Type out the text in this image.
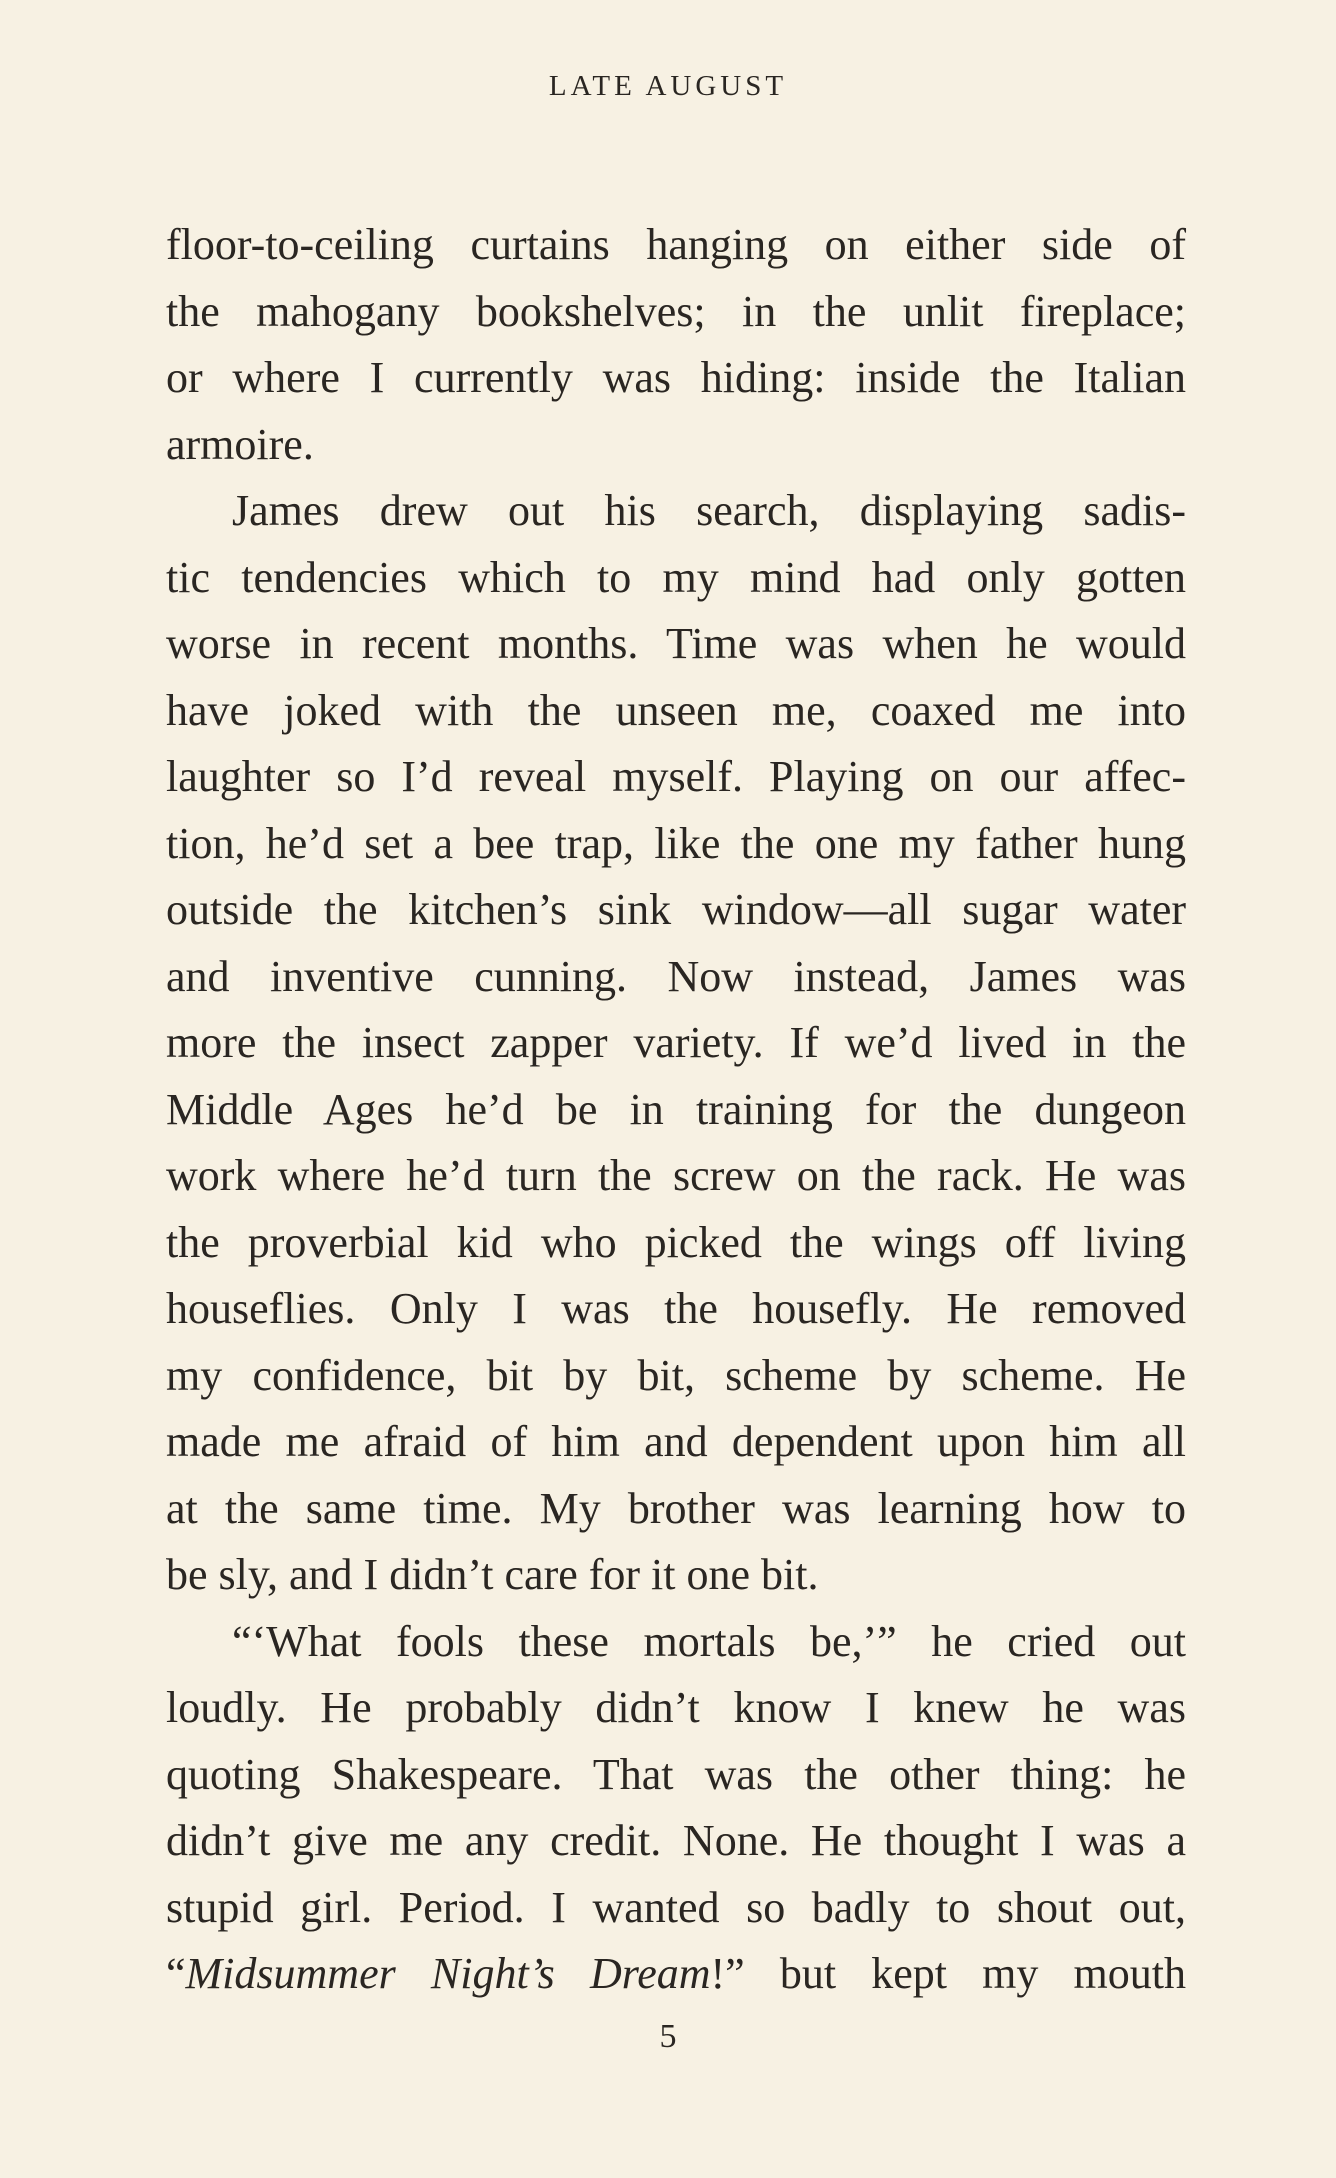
LATE AUGUST
floor-to-ceiling curtains hanging on either side of
the mahogany bookshelves; in the unlit fireplace;
or where I currently was hiding: inside the Italian
armoire.
James drew out his search, displaying sadis-
tic tendencies which to my mind had only gotten
worse in recent months. Time was when he would
have joked with the unseen me, coaxed me into
laughter so I’d reveal myself. Playing on our affec-
tion, he’d set a bee trap, like the one my father hung
outside the kitchen’s sink window—all sugar water
and inventive cunning. Now instead, James was
more the insect zapper variety. If we’d lived in the
Middle Ages he’d be in training for the dungeon
work where he’d turn the screw on the rack. He was
the proverbial kid who picked the wings off living
houseflies. Only I was the housefly. He removed
my confidence, bit by bit, scheme by scheme. He
made me afraid of him and dependent upon him all
at the same time. My brother was learning how to
be sly, and I didn’t care for it one bit.
“‘What fools these mortals be,’” he cried out
loudly. He probably didn’t know I knew he was
quoting Shakespeare. That was the other thing: he
didn’t give me any credit. None. He thought I was a
stupid girl. Period. I wanted so badly to shout out,
“Midsummer Night’s Dream!” but kept my mouth
5
